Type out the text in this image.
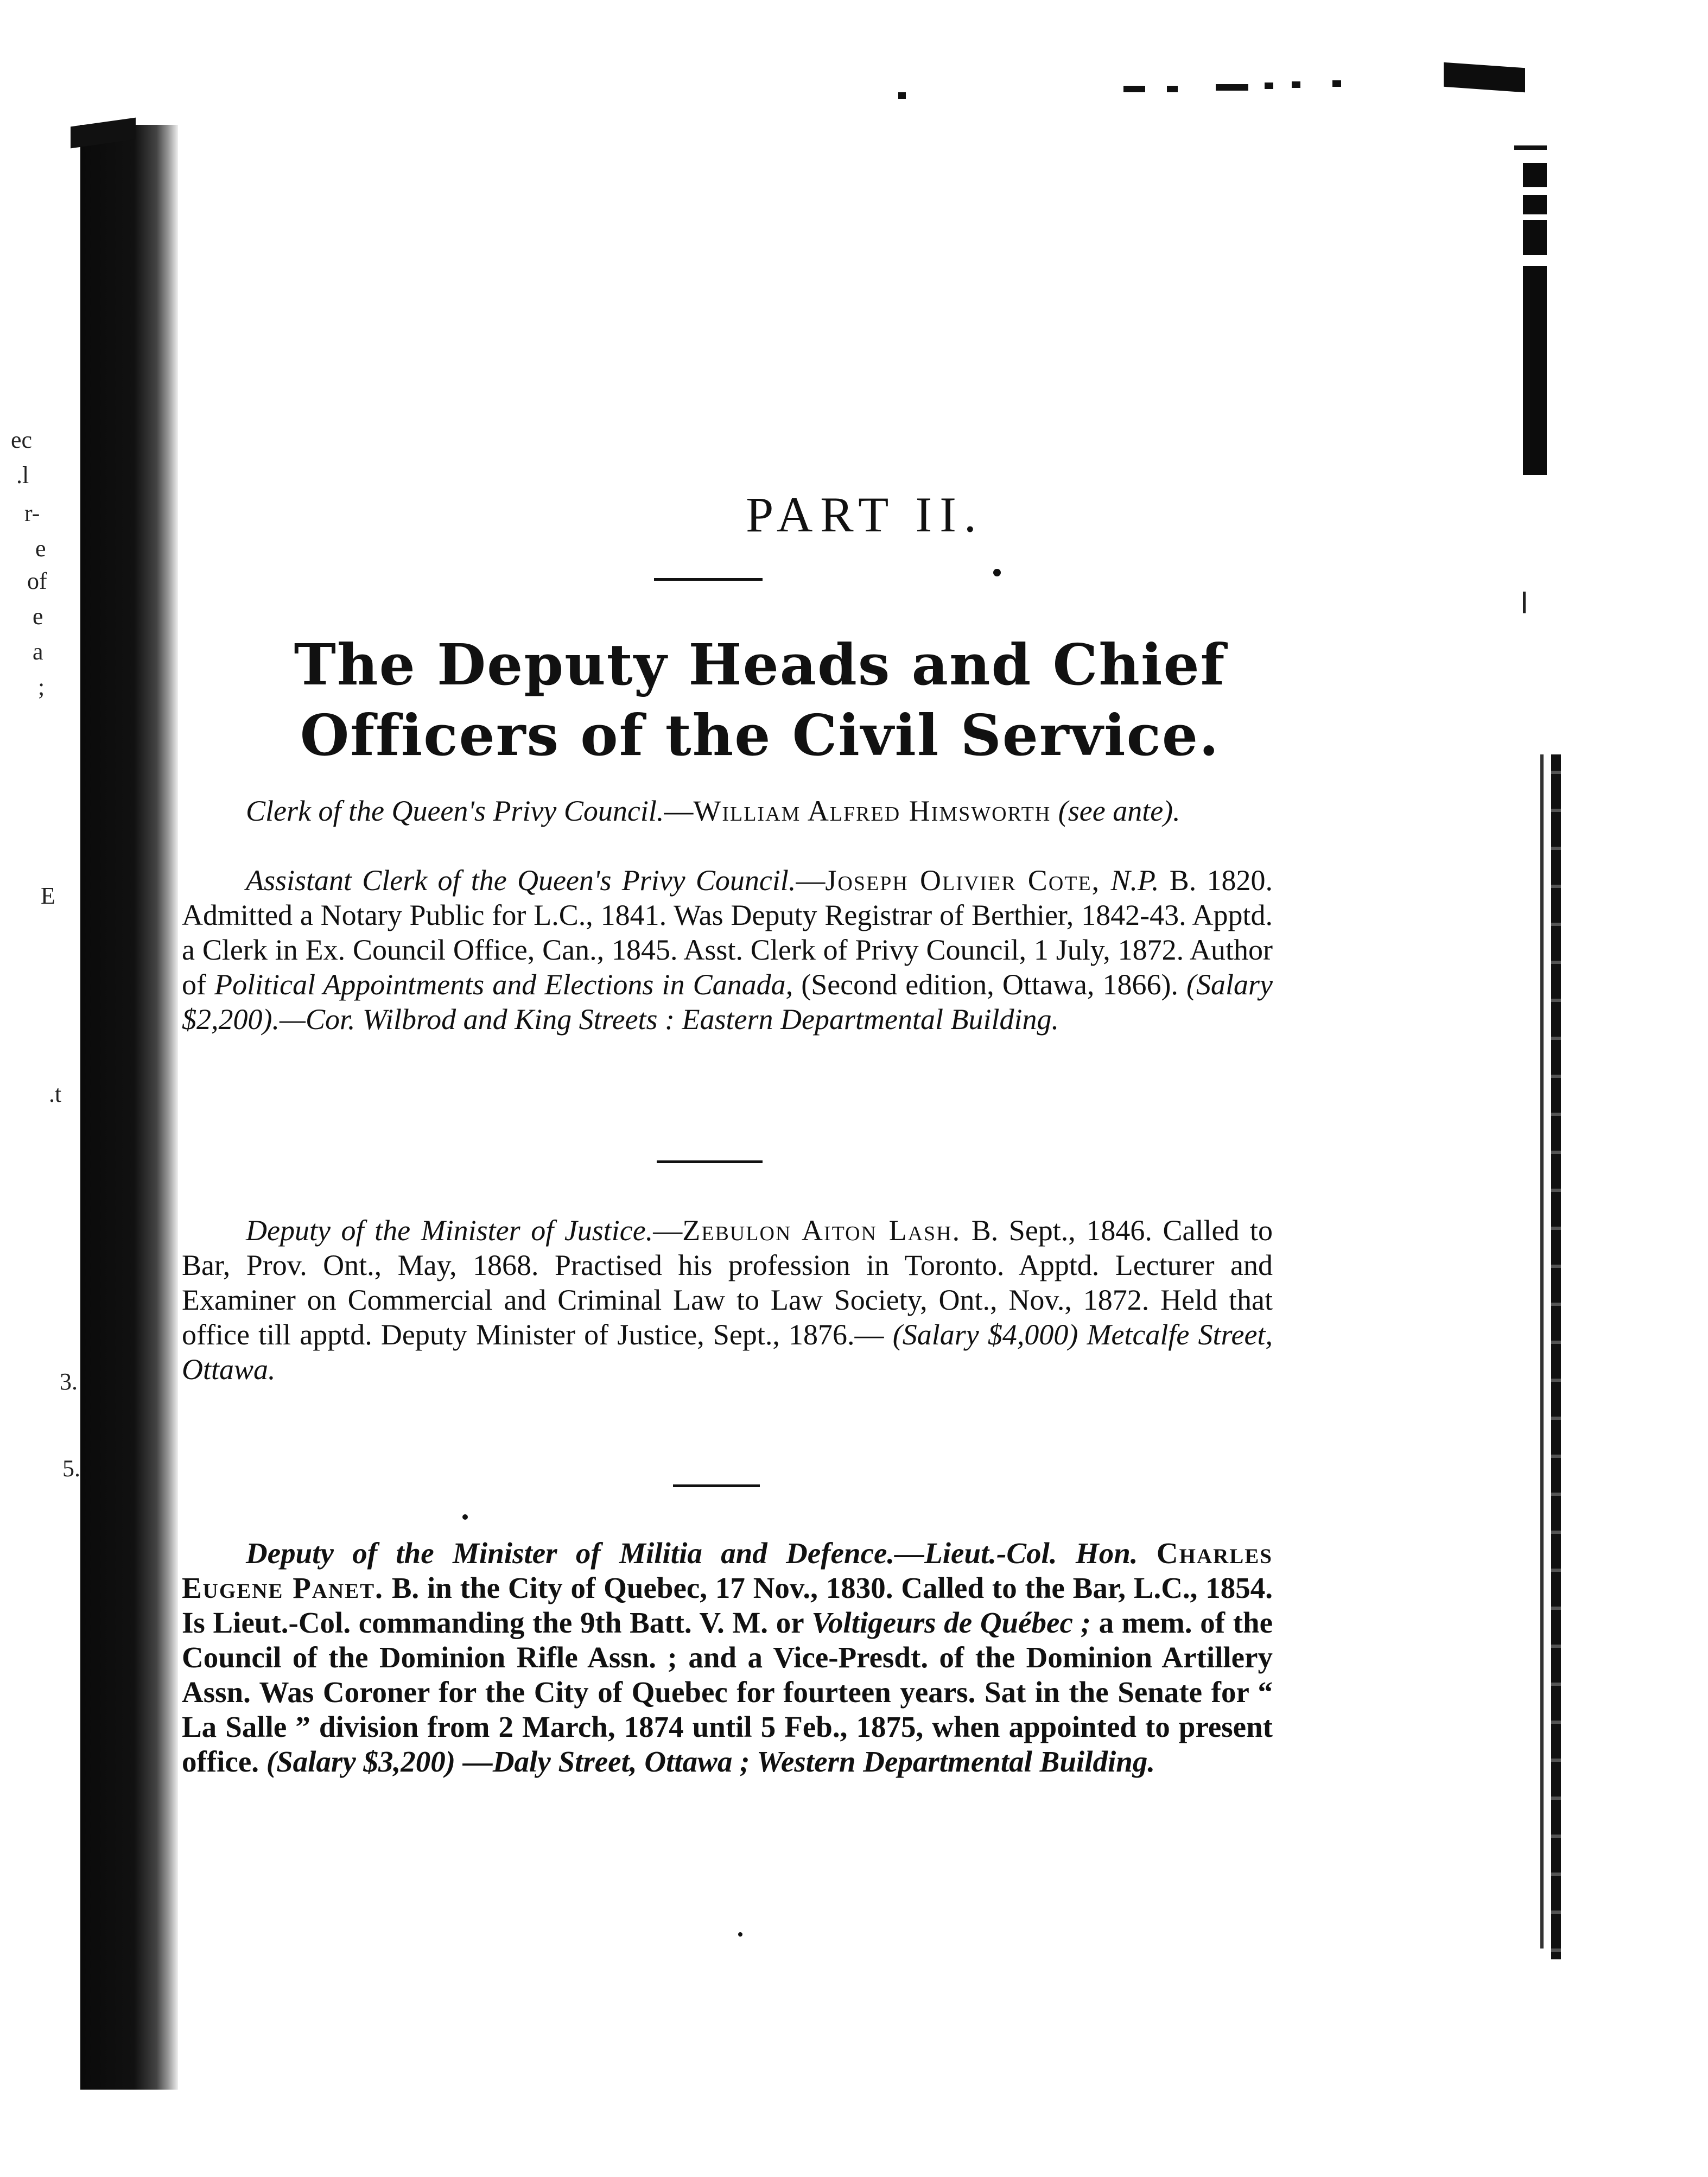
ec
.l
r-
e
of
e
a
;
E
.t
3.
5.
PART II.
The Deputy Heads and Chief Officers of the Civil Service.

Clerk of the Queen's Privy Council.—William Alfred Himsworth (see ante).

Assistant Clerk of the Queen's Privy Council.—Joseph Olivier Cote, N.P. B. 1820. Admitted a Notary Public for L.C., 1841. Was Deputy Registrar of Berthier, 1842-43. Apptd. a Clerk in Ex. Council Office, Can., 1845. Asst. Clerk of Privy Council, 1 July, 1872. Author of Political Appointments and Elections in Canada, (Second edition, Ottawa, 1866). (Salary $2,200).—Cor. Wilbrod and King Streets : Eastern Departmental Building.

Deputy of the Minister of Justice.—Zebulon Aiton Lash. B. Sept., 1846. Called to Bar, Prov. Ont., May, 1868. Practised his profession in Toronto. Apptd. Lecturer and Examiner on Commercial and Criminal Law to Law Society, Ont., Nov., 1872. Held that office till apptd. Deputy Minister of Justice, Sept., 1876.— (Salary $4,000) Metcalfe Street, Ottawa.

Deputy of the Minister of Militia and Defence.—Lieut.-Col. Hon. Charles Eugene Panet. B. in the City of Quebec, 17 Nov., 1830. Called to the Bar, L.C., 1854. Is Lieut.-Col. commanding the 9th Batt. V. M. or Voltigeurs de Québec ; a mem. of the Council of the Dominion Rifle Assn. ; and a Vice-Presdt. of the Dominion Artillery Assn. Was Coroner for the City of Quebec for fourteen years. Sat in the Senate for “ La Salle ” division from 2 March, 1874 until 5 Feb., 1875, when appointed to present office. (Salary $3,200) —Daly Street, Ottawa ; Western Departmental Building.
